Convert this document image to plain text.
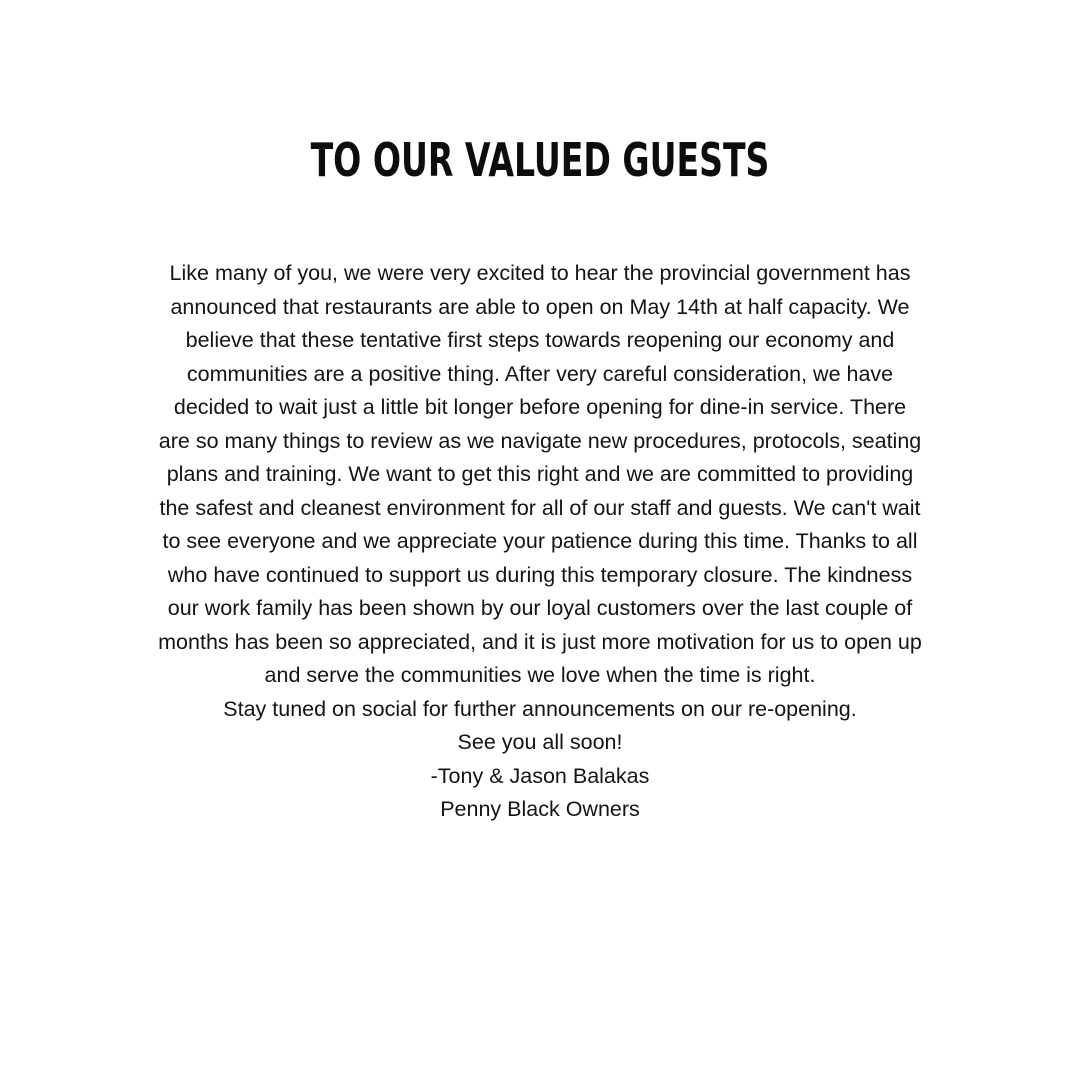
TO OUR VALUED GUESTS
Like many of you, we were very excited to hear the provincial government has
announced that restaurants are able to open on May 14th at half capacity. We
believe that these tentative first steps towards reopening our economy and
communities are a positive thing. After very careful consideration, we have
decided to wait just a little bit longer before opening for dine-in service. There
are so many things to review as we navigate new procedures, protocols, seating
plans and training. We want to get this right and we are committed to providing
the safest and cleanest environment for all of our staff and guests. We can't wait
to see everyone and we appreciate your patience during this time. Thanks to all
who have continued to support us during this temporary closure. The kindness
our work family has been shown by our loyal customers over the last couple of
months has been so appreciated, and it is just more motivation for us to open up
and serve the communities we love when the time is right.
Stay tuned on social for further announcements on our re-opening.
See you all soon!
-Tony & Jason Balakas
Penny Black Owners
